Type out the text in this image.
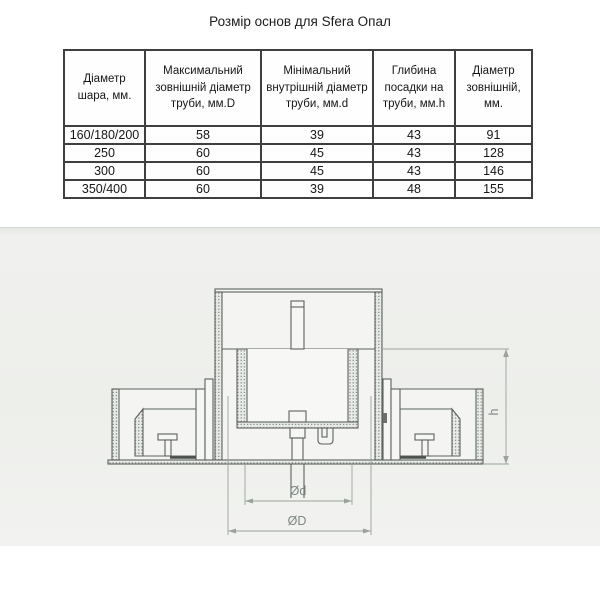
Розмір основ для Sfera Опал
Діаметр шара, мм.	Максимальний зовнішній діаметр труби, мм.D	Мінімальний внутрішній діаметр труби, мм.d	Глибина посадки на труби, мм.h	Діаметр зовнішній, мм.
160/180/200	58	39	43	91
250	60	45	43	128
300	60	45	43	146
350/400	60	39	48	155
h
Ød
ØD
